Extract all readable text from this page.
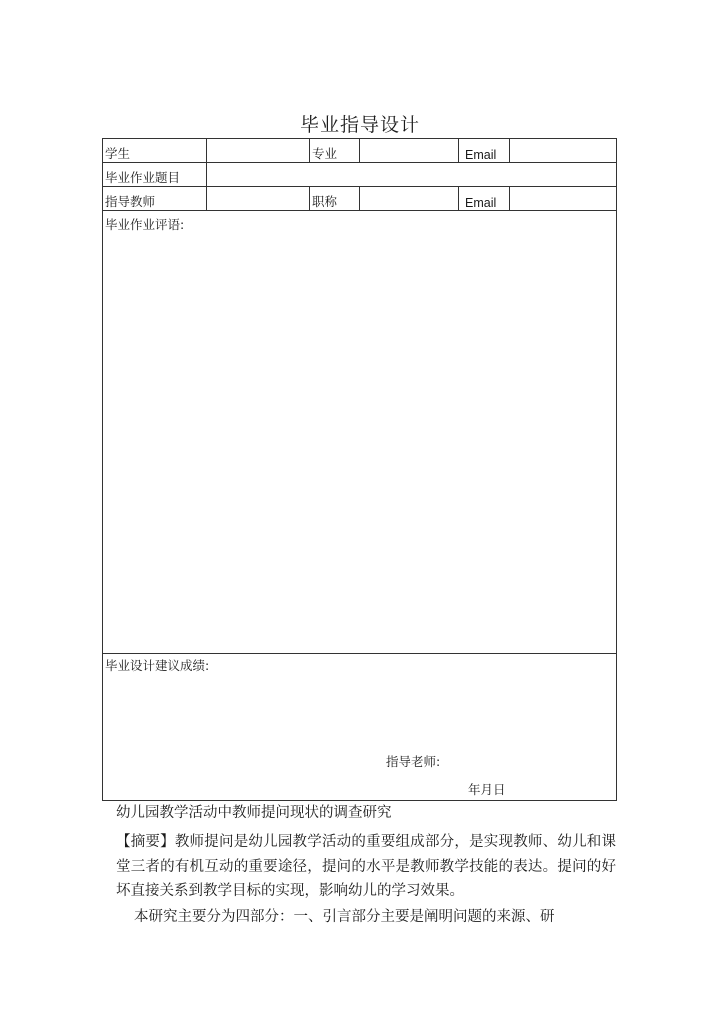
毕业指导设计
学生		专业		Email	
毕业作业题目					
指导教师		职称		Email	
毕业作业评语:					
毕业设计建议成绩:
指导老师:
年月日					
幼儿园教学活动中教师提问现状的调查研究
【摘要】教师提问是幼儿园教学活动的重要组成部分，是实现教师、幼儿和课堂三者的有机互动的重要途径，提问的水平是教师教学技能的表达。提问的好坏直接关系到教学目标的实现，影响幼儿的学习效果。
本研究主要分为四部分：一、引言部分主要是阐明问题的来源、研
